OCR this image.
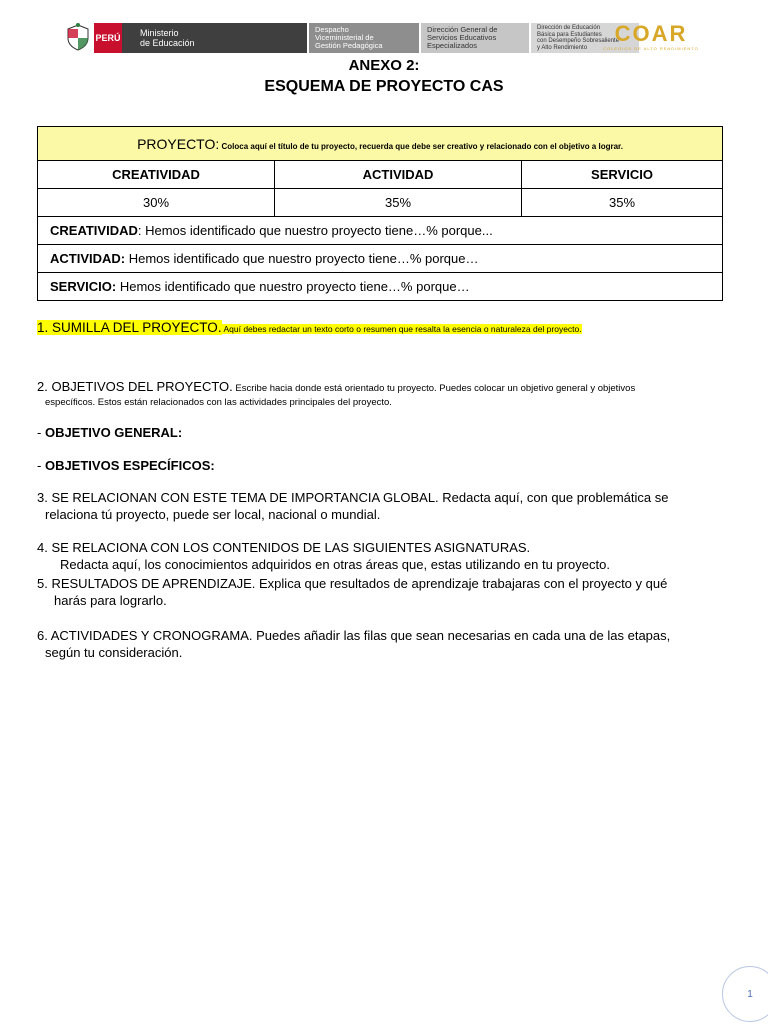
PERÚ Ministerio
de Educación
Despacho
Viceministerial de
Gestión Pedagógica
Dirección General de
Servicios Educativos
Especializados
Dirección de Educación
Básica para Estudiantes
con Desempeño Sobresaliente
y Alto Rendimiento
COAR
COLEGIOS DE ALTO RENDIMIENTO
ANEXO 2:
ESQUEMA DE PROYECTO CAS
PROYECTO: Coloca aquí el título de tu proyecto, recuerda que debe ser creativo y relacionado con el objetivo a lograr.		
CREATIVIDAD	ACTIVIDAD	SERVICIO
30%	35%	35%
CREATIVIDAD: Hemos identificado que nuestro proyecto tiene…% porque...		
ACTIVIDAD: Hemos identificado que nuestro proyecto tiene…% porque…		
SERVICIO: Hemos identificado que nuestro proyecto tiene…% porque…		
1. SUMILLA DEL PROYECTO. Aquí debes redactar un texto corto o resumen que resalta la esencia o naturaleza del proyecto.
2. OBJETIVOS DEL PROYECTO. Escribe hacia donde está orientado tu proyecto. Puedes colocar un objetivo general y objetivos
específicos. Estos están relacionados con las actividades principales del proyecto.
- OBJETIVO GENERAL:
- OBJETIVOS ESPECÍFICOS:
3. SE RELACIONAN CON ESTE TEMA DE IMPORTANCIA GLOBAL. Redacta aquí, con que problemática se
relaciona tú proyecto, puede ser local, nacional o mundial.
4. SE RELACIONA CON LOS CONTENIDOS DE LAS SIGUIENTES ASIGNATURAS.
Redacta aquí, los conocimientos adquiridos en otras áreas que, estas utilizando en tu proyecto.
5. RESULTADOS DE APRENDIZAJE. Explica que resultados de aprendizaje trabajaras con el proyecto y qué
harás para lograrlo.
6. ACTIVIDADES Y CRONOGRAMA. Puedes añadir las filas que sean necesarias en cada una de las etapas,
según tu consideración.
1
